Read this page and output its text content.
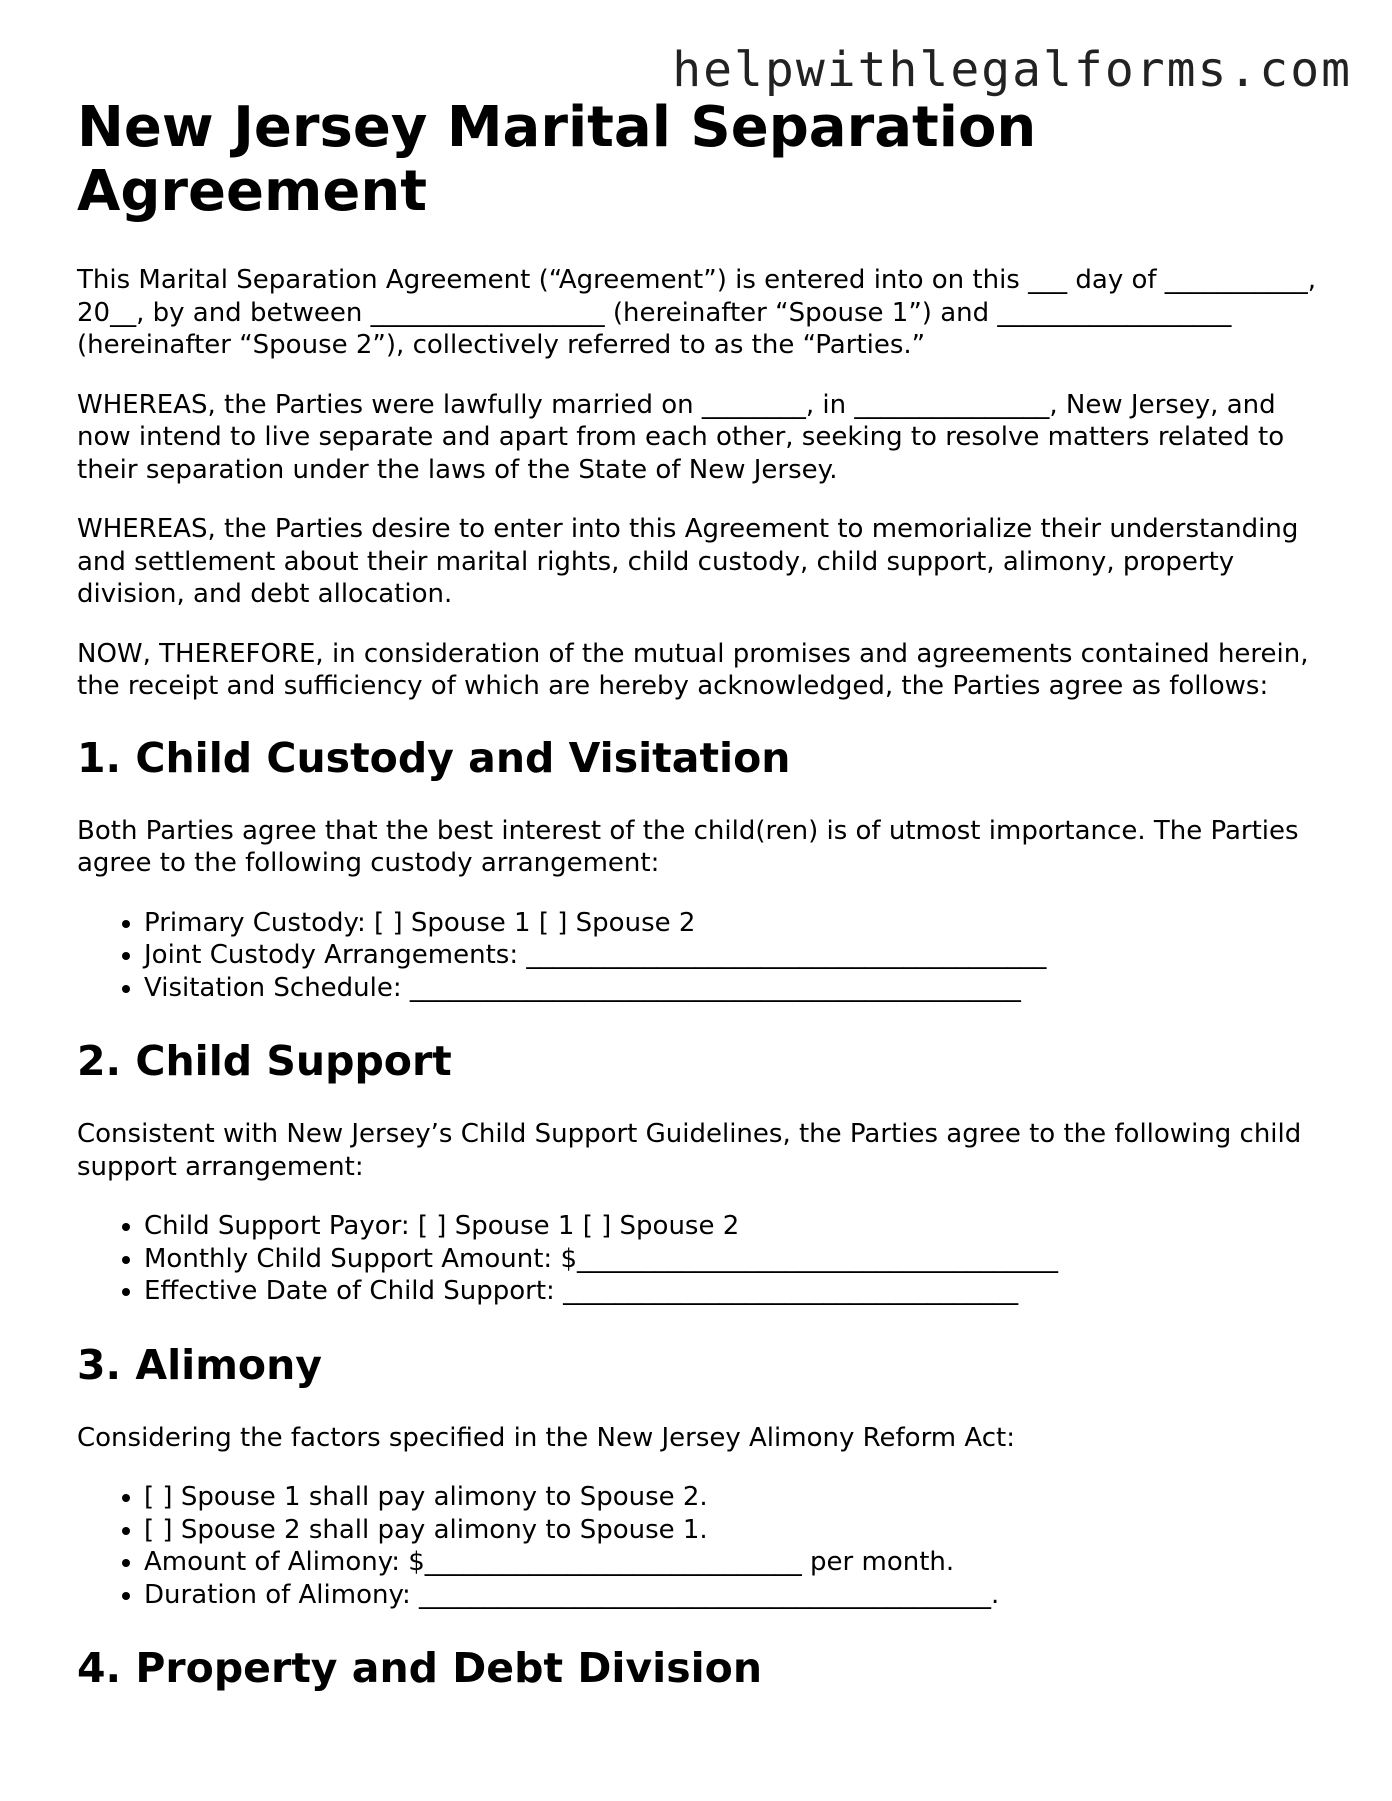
helpwithlegalforms.com
New Jersey Marital Separation Agreement

This Marital Separation Agreement (“Agreement”) is entered into on this ___ day of ___________, 20__, by and between __________________ (hereinafter “Spouse 1”) and __________________ (hereinafter “Spouse 2”), collectively referred to as the “Parties.”

WHEREAS, the Parties were lawfully married on ________, in _______________, New Jersey, and now intend to live separate and apart from each other, seeking to resolve matters related to their separation under the laws of the State of New Jersey.

WHEREAS, the Parties desire to enter into this Agreement to memorialize their understanding and settlement about their marital rights, child custody, child support, alimony, property division, and debt allocation.

NOW, THEREFORE, in consideration of the mutual promises and agreements contained herein, the receipt and sufficiency of which are hereby acknowledged, the Parties agree as follows:

1. Child Custody and Visitation

Both Parties agree that the best interest of the child(ren) is of utmost importance. The Parties agree to the following custody arrangement:

• Primary Custody: [ ] Spouse 1 [ ] Spouse 2
• Joint Custody Arrangements: ________________________________________
• Visitation Schedule: _______________________________________________
2. Child Support

Consistent with New Jersey’s Child Support Guidelines, the Parties agree to the following child support arrangement:

• Child Support Payor: [ ] Spouse 1 [ ] Spouse 2
• Monthly Child Support Amount: $_____________________________________
• Effective Date of Child Support: ___________________________________
3. Alimony

Considering the factors specified in the New Jersey Alimony Reform Act:

• [ ] Spouse 1 shall pay alimony to Spouse 2.
• [ ] Spouse 2 shall pay alimony to Spouse 1.
• Amount of Alimony: $_____________________________ per month.
• Duration of Alimony: ____________________________________________.
4. Property and Debt Division
